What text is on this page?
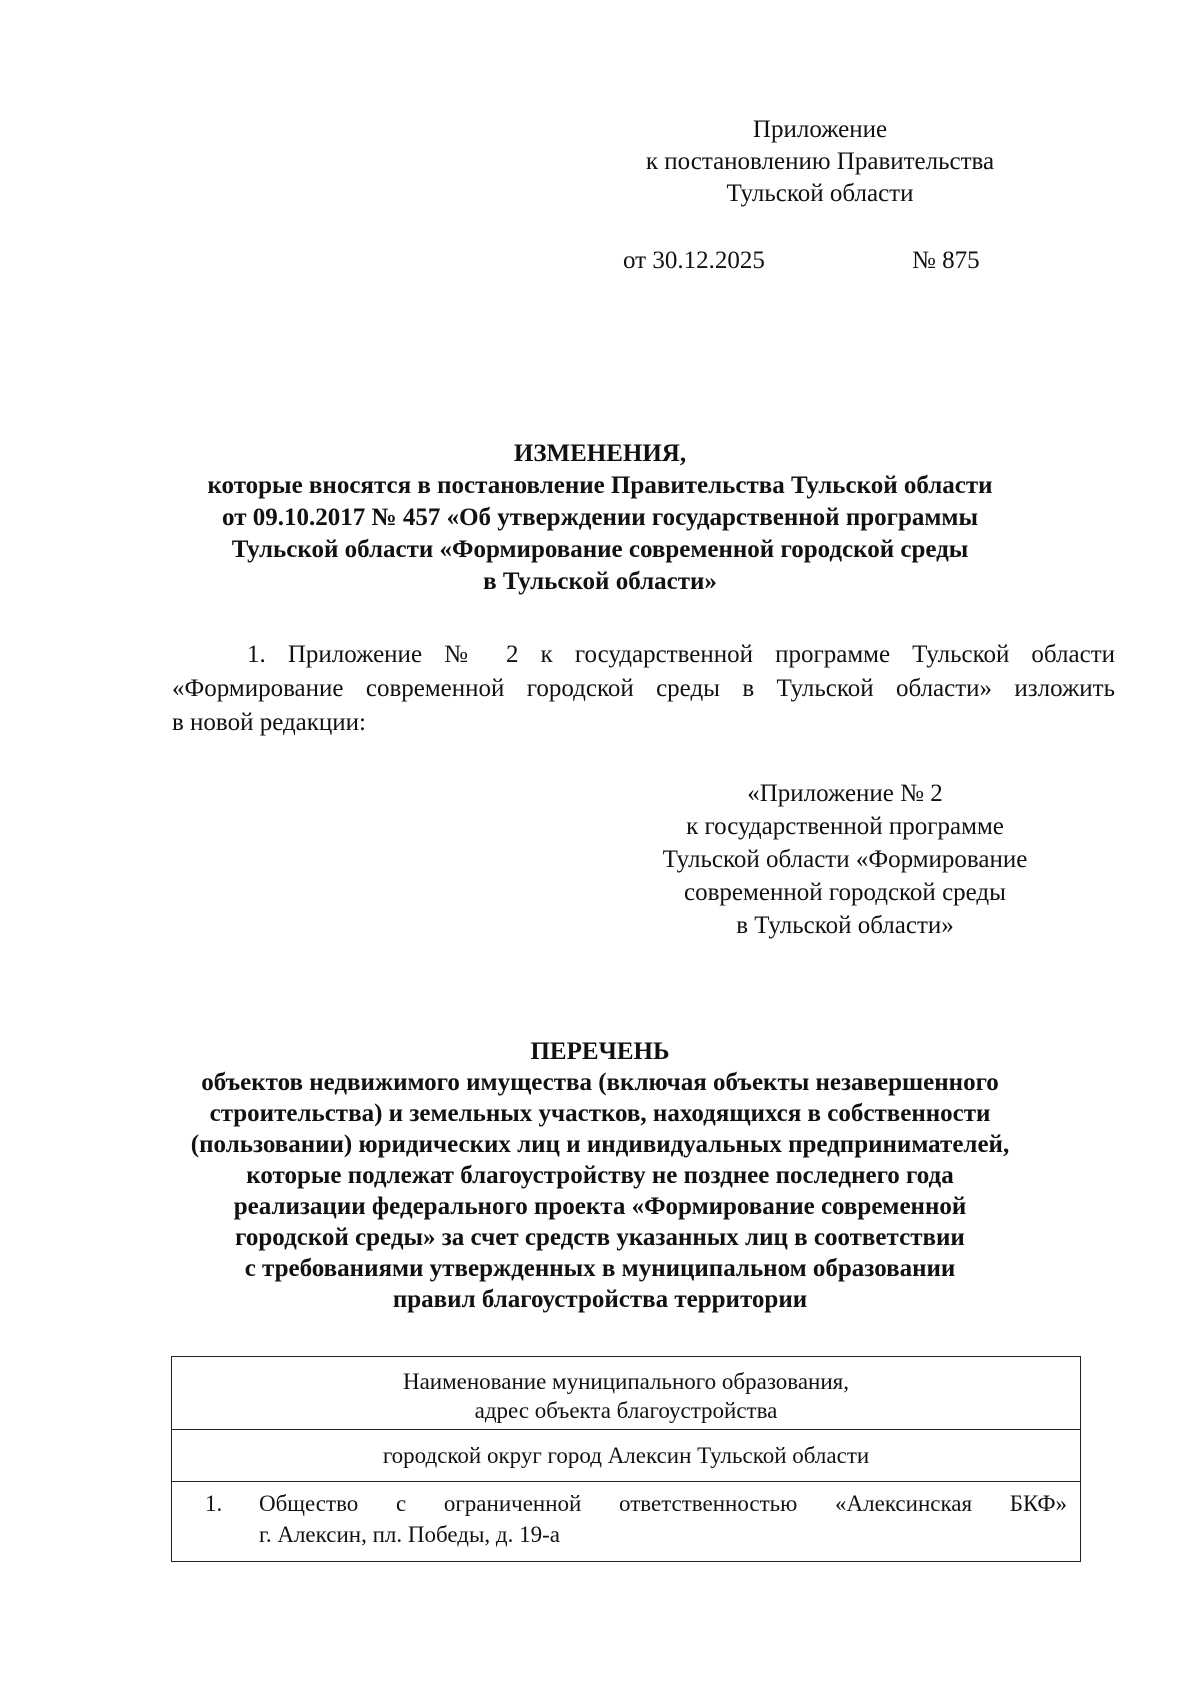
Приложение
к постановлению Правительства
Тульской области
от 30.12.2025	№ 875
ИЗМЕНЕНИЯ,
которые вносятся в постановление Правительства Тульской области
от 09.10.2017 № 457 «Об утверждении государственной программы
Тульской области «Формирование современной городской среды
в Тульской области»
1. Приложение № 2 к государственной программе Тульской области
«Формирование современной городской среды в Тульской области» изложить
в новой редакции:
«Приложение № 2
к государственной программе
Тульской области «Формирование
современной городской среды
в Тульской области»
ПЕРЕЧЕНЬ
объектов недвижимого имущества (включая объекты незавершенного
строительства) и земельных участков, находящихся в собственности
(пользовании) юридических лиц и индивидуальных предпринимателей,
которые подлежат благоустройству не позднее последнего года
реализации федерального проекта «Формирование современной
городской среды» за счет средств указанных лиц в соответствии
с требованиями утвержденных в муниципальном образовании
правил благоустройства территории
Наименование муниципального образования,
адрес объекта благоустройства
городской округ город Алексин Тульской области
1. Общество с ограниченной ответственностью «Алексинская БКФ»
г. Алексин, пл. Победы, д. 19-а
